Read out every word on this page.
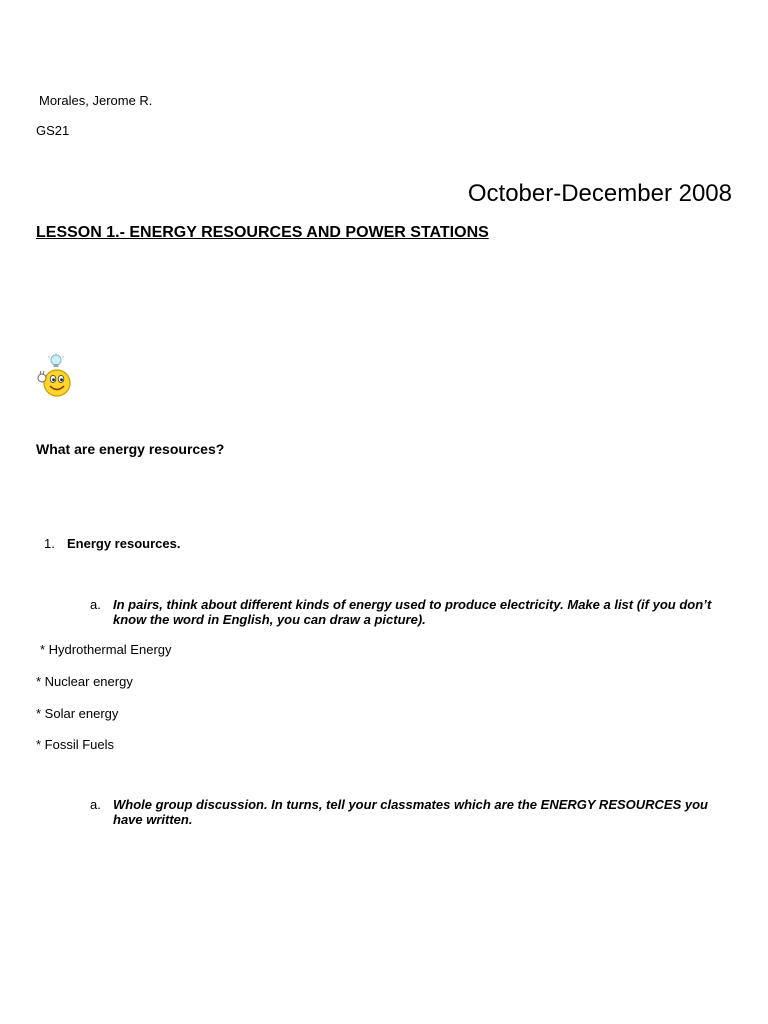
Morales, Jerome R.
GS21
October-December 2008
LESSON 1.- ENERGY RESOURCES AND POWER STATIONS
What are energy resources?
1. Energy resources.
a. In pairs, think about different kinds of energy used to produce electricity. Make a list (if you don’t know the word in English, you can draw a picture).
* Hydrothermal Energy
* Nuclear energy
* Solar energy
* Fossil Fuels
a. Whole group discussion. In turns, tell your classmates which are the ENERGY RESOURCES you have written.
